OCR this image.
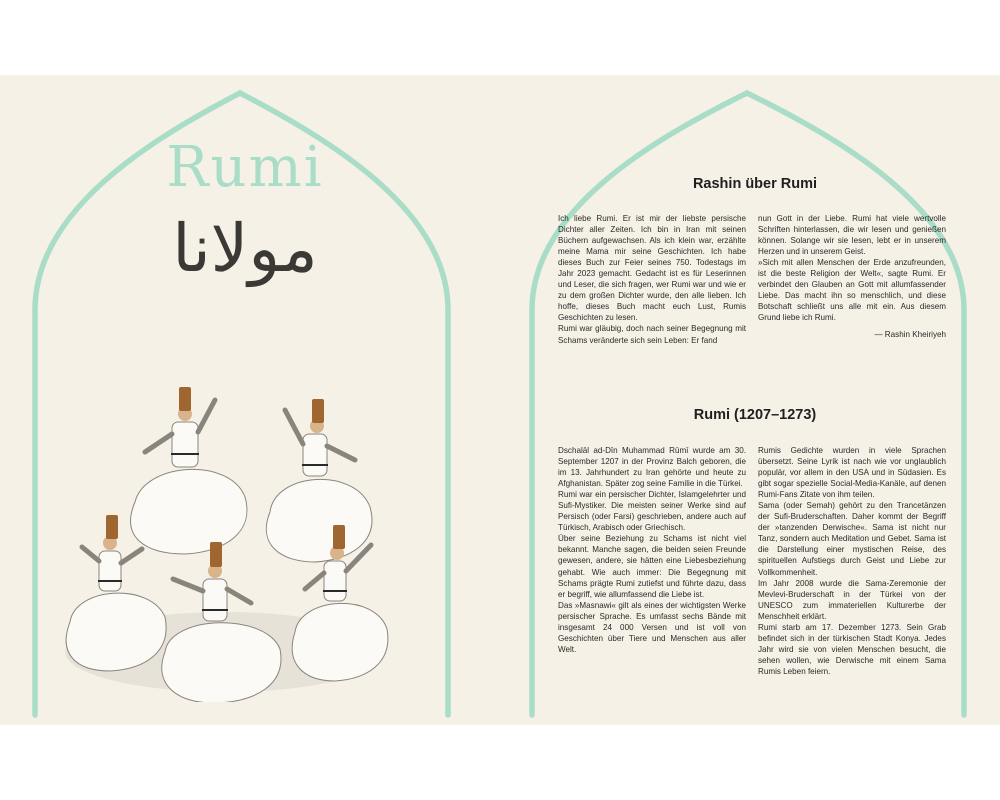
Rumi
مولانا
Rashin über Rumi

Ich liebe Rumi. Er ist mir der liebste persische Dichter aller Zeiten. Ich bin in Iran mit seinen Büchern aufgewachsen. Als ich klein war, erzählte meine Mama mir seine Geschichten. Ich habe dieses Buch zur Feier seines 750. Todestags im Jahr 2023 gemacht. Gedacht ist es für Leserinnen und Leser, die sich fragen, wer Rumi war und wie er zu dem großen Dichter wurde, den alle lieben. Ich hoffe, dieses Buch macht euch Lust, Rumis Geschichten zu lesen.

Rumi war gläubig, doch nach seiner Begegnung mit Schams veränderte sich sein Leben: Er fand

nun Gott in der Liebe. Rumi hat viele wertvolle Schriften hinterlassen, die wir lesen und genießen können. Solange wir sie lesen, lebt er in unserem Herzen und in unserem Geist.

»Sich mit allen Menschen der Erde anzufreunden, ist die beste Religion der Welt«, sagte Rumi. Er verbindet den Glauben an Gott mit allumfassender Liebe. Das macht ihn so menschlich, und diese Botschaft schließt uns alle mit ein. Aus diesem Grund liebe ich Rumi.

— Rashin Kheiriyeh

Rumi (1207–1273)

Dschalāl ad-Dīn Muhammad Rūmī wurde am 30. September 1207 in der Provinz Balch geboren, die im 13. Jahrhundert zu Iran gehörte und heute zu Afghanistan. Später zog seine Familie in die Türkei.

Rumi war ein persischer Dichter, Islamgelehrter und Sufi-Mystiker. Die meisten seiner Werke sind auf Persisch (oder Farsi) geschrieben, andere auch auf Türkisch, Arabisch oder Griechisch.

Über seine Beziehung zu Schams ist nicht viel bekannt. Manche sagen, die beiden seien Freunde gewesen, andere, sie hätten eine Liebesbeziehung gehabt. Wie auch immer: Die Begegnung mit Schams prägte Rumi zutiefst und führte dazu, dass er begriff, wie allumfassend die Liebe ist.

Das »Masnawi« gilt als eines der wichtigsten Werke persischer Sprache. Es umfasst sechs Bände mit insgesamt 24 000 Versen und ist voll von Geschichten über Tiere und Menschen aus aller Welt.

Rumis Gedichte wurden in viele Sprachen übersetzt. Seine Lyrik ist nach wie vor unglaublich populär, vor allem in den USA und in Südasien. Es gibt sogar spezielle Social-Media-Kanäle, auf denen Rumi-Fans Zitate von ihm teilen.

Sama (oder Semah) gehört zu den Trancetänzen der Sufi-Bruderschaften. Daher kommt der Begriff der »tanzenden Derwische«. Sama ist nicht nur Tanz, sondern auch Meditation und Gebet. Sama ist die Darstellung einer mystischen Reise, des spirituellen Aufstiegs durch Geist und Liebe zur Vollkommenheit.

Im Jahr 2008 wurde die Sama-Zeremonie der Mevlevi-Bruderschaft in der Türkei von der UNESCO zum immateriellen Kulturerbe der Menschheit erklärt.

Rumi starb am 17. Dezember 1273. Sein Grab befindet sich in der türkischen Stadt Konya. Jedes Jahr wird sie von vielen Menschen besucht, die sehen wollen, wie Derwische mit einem Sama Rumis Leben feiern.
